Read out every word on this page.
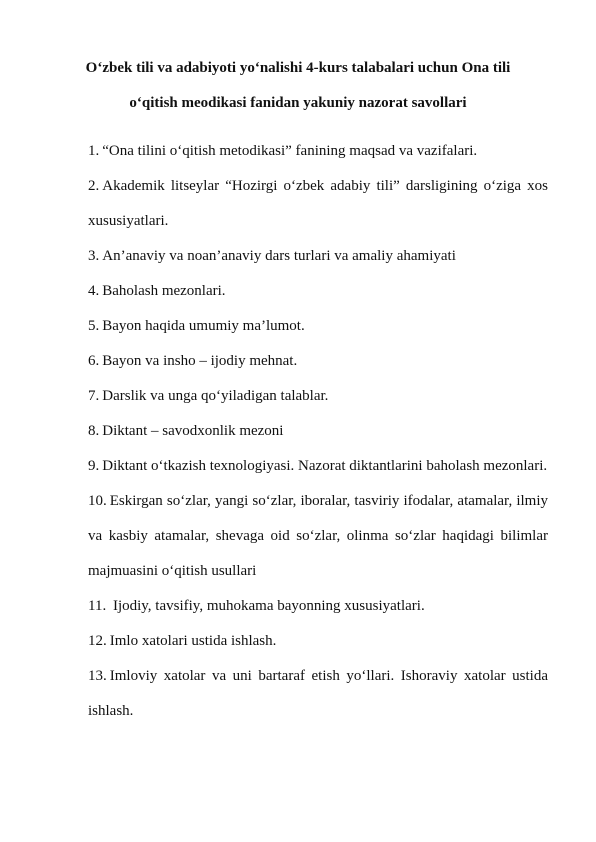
O‘zbek tili va adabiyoti yo‘nalishi 4-kurs talabalari uchun Ona tili
o‘qitish meodikasi fanidan yakuniy nazorat savollari
1. “Ona tilini o‘qitish metodikasi” fanining maqsad va vazifalari.
2. Akademik litseylar “Hozirgi o‘zbek adabiy tili” darsligining o‘ziga xos xususiyatlari.
3. An’anaviy va noan’anaviy dars turlari va amaliy ahamiyati
4. Baholash mezonlari.
5. Bayon haqida umumiy ma’lumot.
6. Bayon va insho – ijodiy mehnat.
7. Darslik va unga qo‘yiladigan talablar.
8. Diktant – savodxonlik mezoni
9. Diktant o‘tkazish texnologiyasi. Nazorat diktantlarini baholash mezonlari.
10. Eskirgan so‘zlar, yangi so‘zlar, iboralar, tasviriy ifodalar, atamalar, ilmiy va kasbiy atamalar, shevaga oid so‘zlar, olinma so‘zlar haqidagi bilimlar majmuasini o‘qitish usullari
11. Ijodiy, tavsifiy, muhokama bayonning xususiyatlari.
12. Imlo xatolari ustida ishlash.
13. Imloviy xatolar va uni bartaraf etish yo‘llari. Ishoraviy xatolar ustida ishlash.
